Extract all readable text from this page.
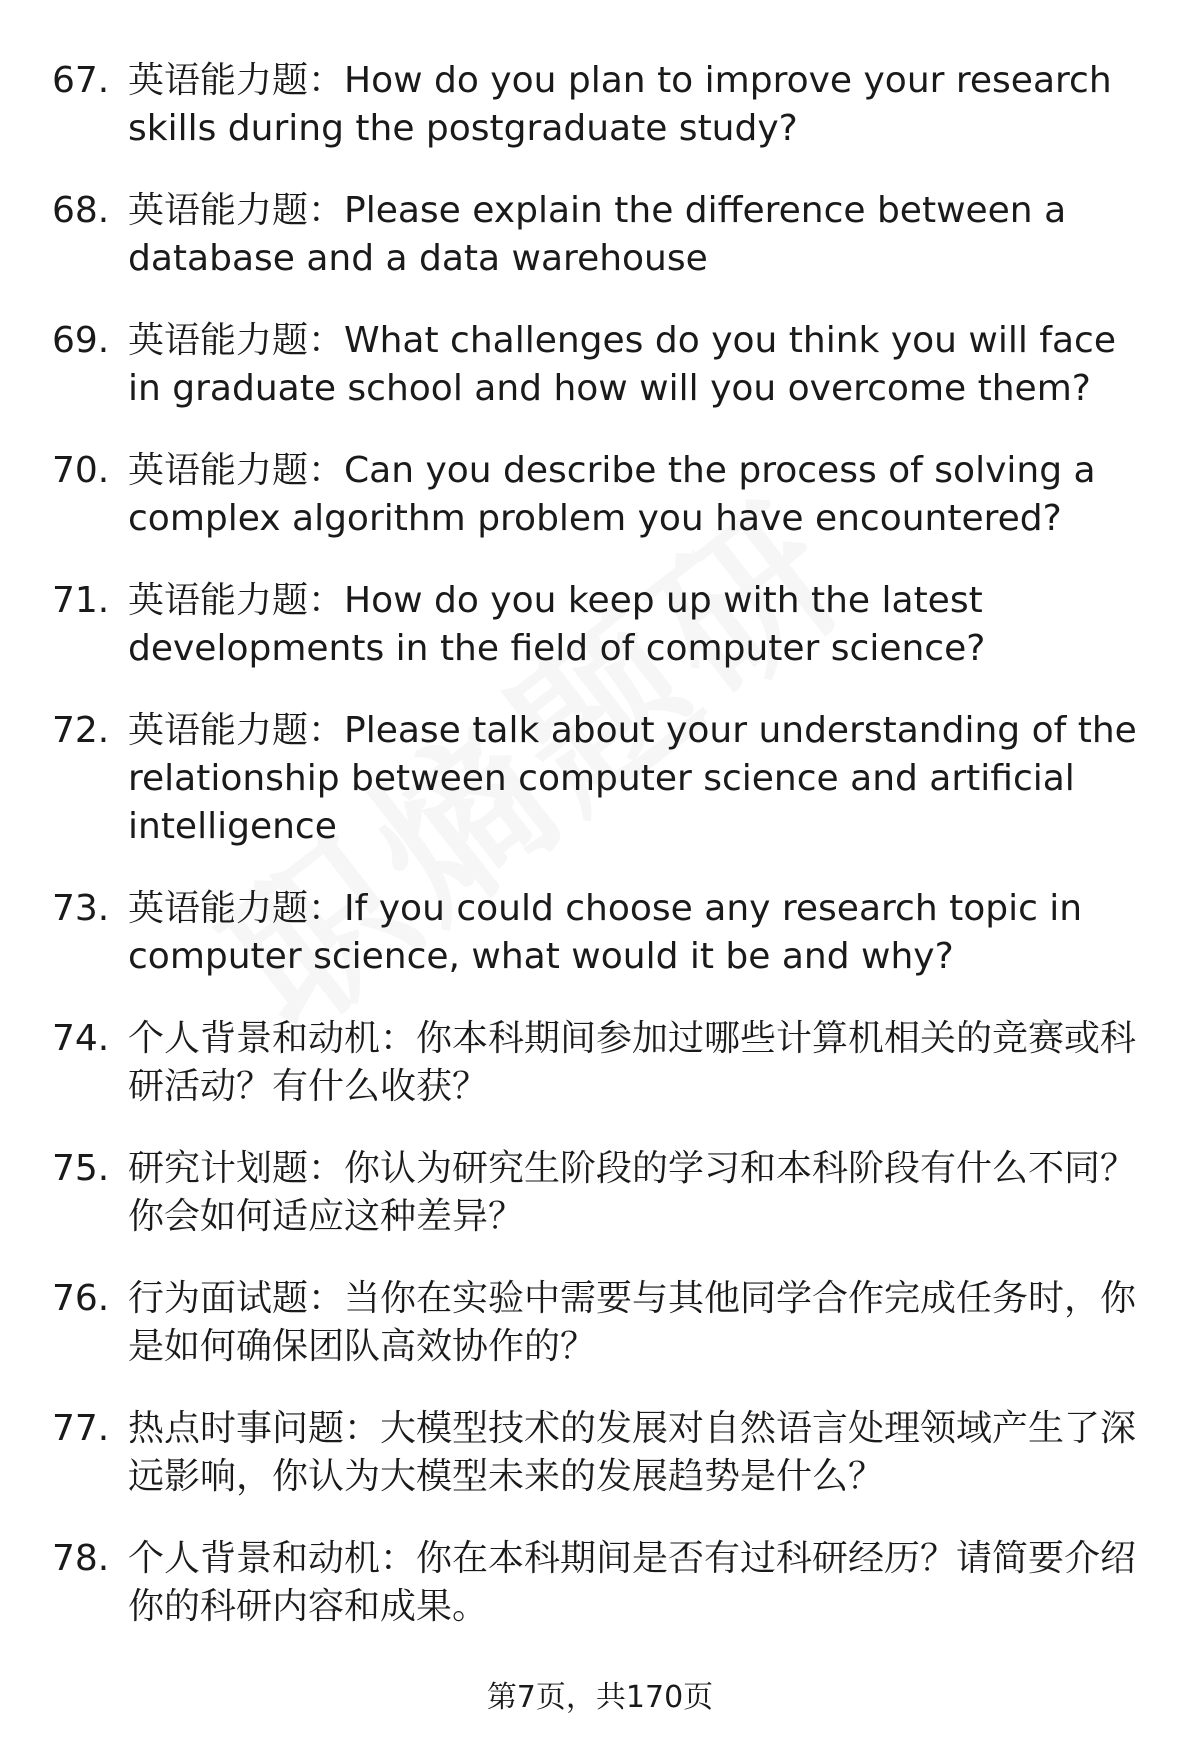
67. 英语能力题：How do you plan to improve your research skills during the postgraduate study?
68. 英语能力题：Please explain the difference between a database and a data warehouse
69. 英语能力题：What challenges do you think you will face in graduate school and how will you overcome them?
70. 英语能力题：Can you describe the process of solving a complex algorithm problem you have encountered?
71. 英语能力题：How do you keep up with the latest developments in the field of computer science?
72. 英语能力题：Please talk about your understanding of the relationship between computer science and artificial intelligence
73. 英语能力题：If you could choose any research topic in computer science, what would it be and why?
74. 个人背景和动机：你本科期间参加过哪些计算机相关的竞赛或科研活动？有什么收获？
75. 研究计划题：你认为研究生阶段的学习和本科阶段有什么不同？你会如何适应这种差异？
76. 行为面试题：当你在实验中需要与其他同学合作完成任务时，你是如何确保团队高效协作的？
77. 热点时事问题：大模型技术的发展对自然语言处理领域产生了深远影响，你认为大模型未来的发展趋势是什么？
78. 个人背景和动机：你在本科期间是否有过科研经历？请简要介绍你的科研内容和成果。
第7页，共170页
